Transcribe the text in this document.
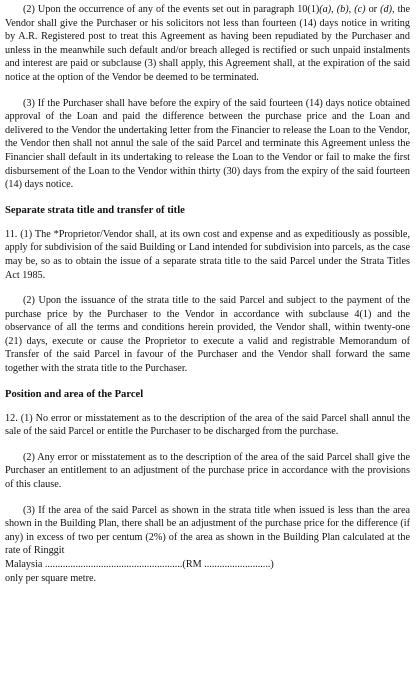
(2) Upon the occurrence of any of the events set out in paragraph 10(1)(a), (b), (c) or (d), the Vendor shall give the Purchaser or his solicitors not less than fourteen (14) days notice in writing by A.R. Registered post to treat this Agreement as having been repudiated by the Purchaser and unless in the meanwhile such default and/or breach alleged is rectified or such unpaid instalments and interest are paid or subclause (3) shall apply, this Agreement shall, at the expiration of the said notice at the option of the Vendor be deemed to be terminated.

(3) If the Purchaser shall have before the expiry of the said fourteen (14) days notice obtained approval of the Loan and paid the difference between the purchase price and the Loan and delivered to the Vendor the undertaking letter from the Financier to release the Loan to the Vendor, the Vendor then shall not annul the sale of the said Parcel and terminate this Agreement unless the Financier shall default in its undertaking to release the Loan to the Vendor or fail to make the first disbursement of the Loan to the Vendor within thirty (30) days from the expiry of the said fourteen (14) days notice.

Separate strata title and transfer of title

11. (1) The *Proprietor/Vendor shall, at its own cost and expense and as expeditiously as possible, apply for subdivision of the said Building or Land intended for subdivision into parcels, as the case may be, so as to obtain the issue of a separate strata title to the said Parcel under the Strata Titles Act 1985.

(2) Upon the issuance of the strata title to the said Parcel and subject to the payment of the purchase price by the Purchaser to the Vendor in accordance with subclause 4(1) and the observance of all the terms and conditions herein provided, the Vendor shall, within twenty-one (21) days, execute or cause the Proprietor to execute a valid and registrable Memorandum of Transfer of the said Parcel in favour of the Purchaser and the Vendor shall forward the same together with the strata title to the Purchaser.

Position and area of the Parcel

12. (1) No error or misstatement as to the description of the area of the said Parcel shall annul the sale of the said Parcel or entitle the Purchaser to be discharged from the purchase.

(2) Any error or misstatement as to the description of the area of the said Parcel shall give the Purchaser an entitlement to an adjustment of the purchase price in accordance with the provisions of this clause.

(3) If the area of the said Parcel as shown in the strata title when issued is less than the area shown in the Building Plan, there shall be an adjustment of the purchase price for the difference (if any) in excess of two per centum (2%) of the area as shown in the Building Plan calculated at the rate of Ringgit

Malaysia ......................................................(RM ..........................)

only per square metre.
